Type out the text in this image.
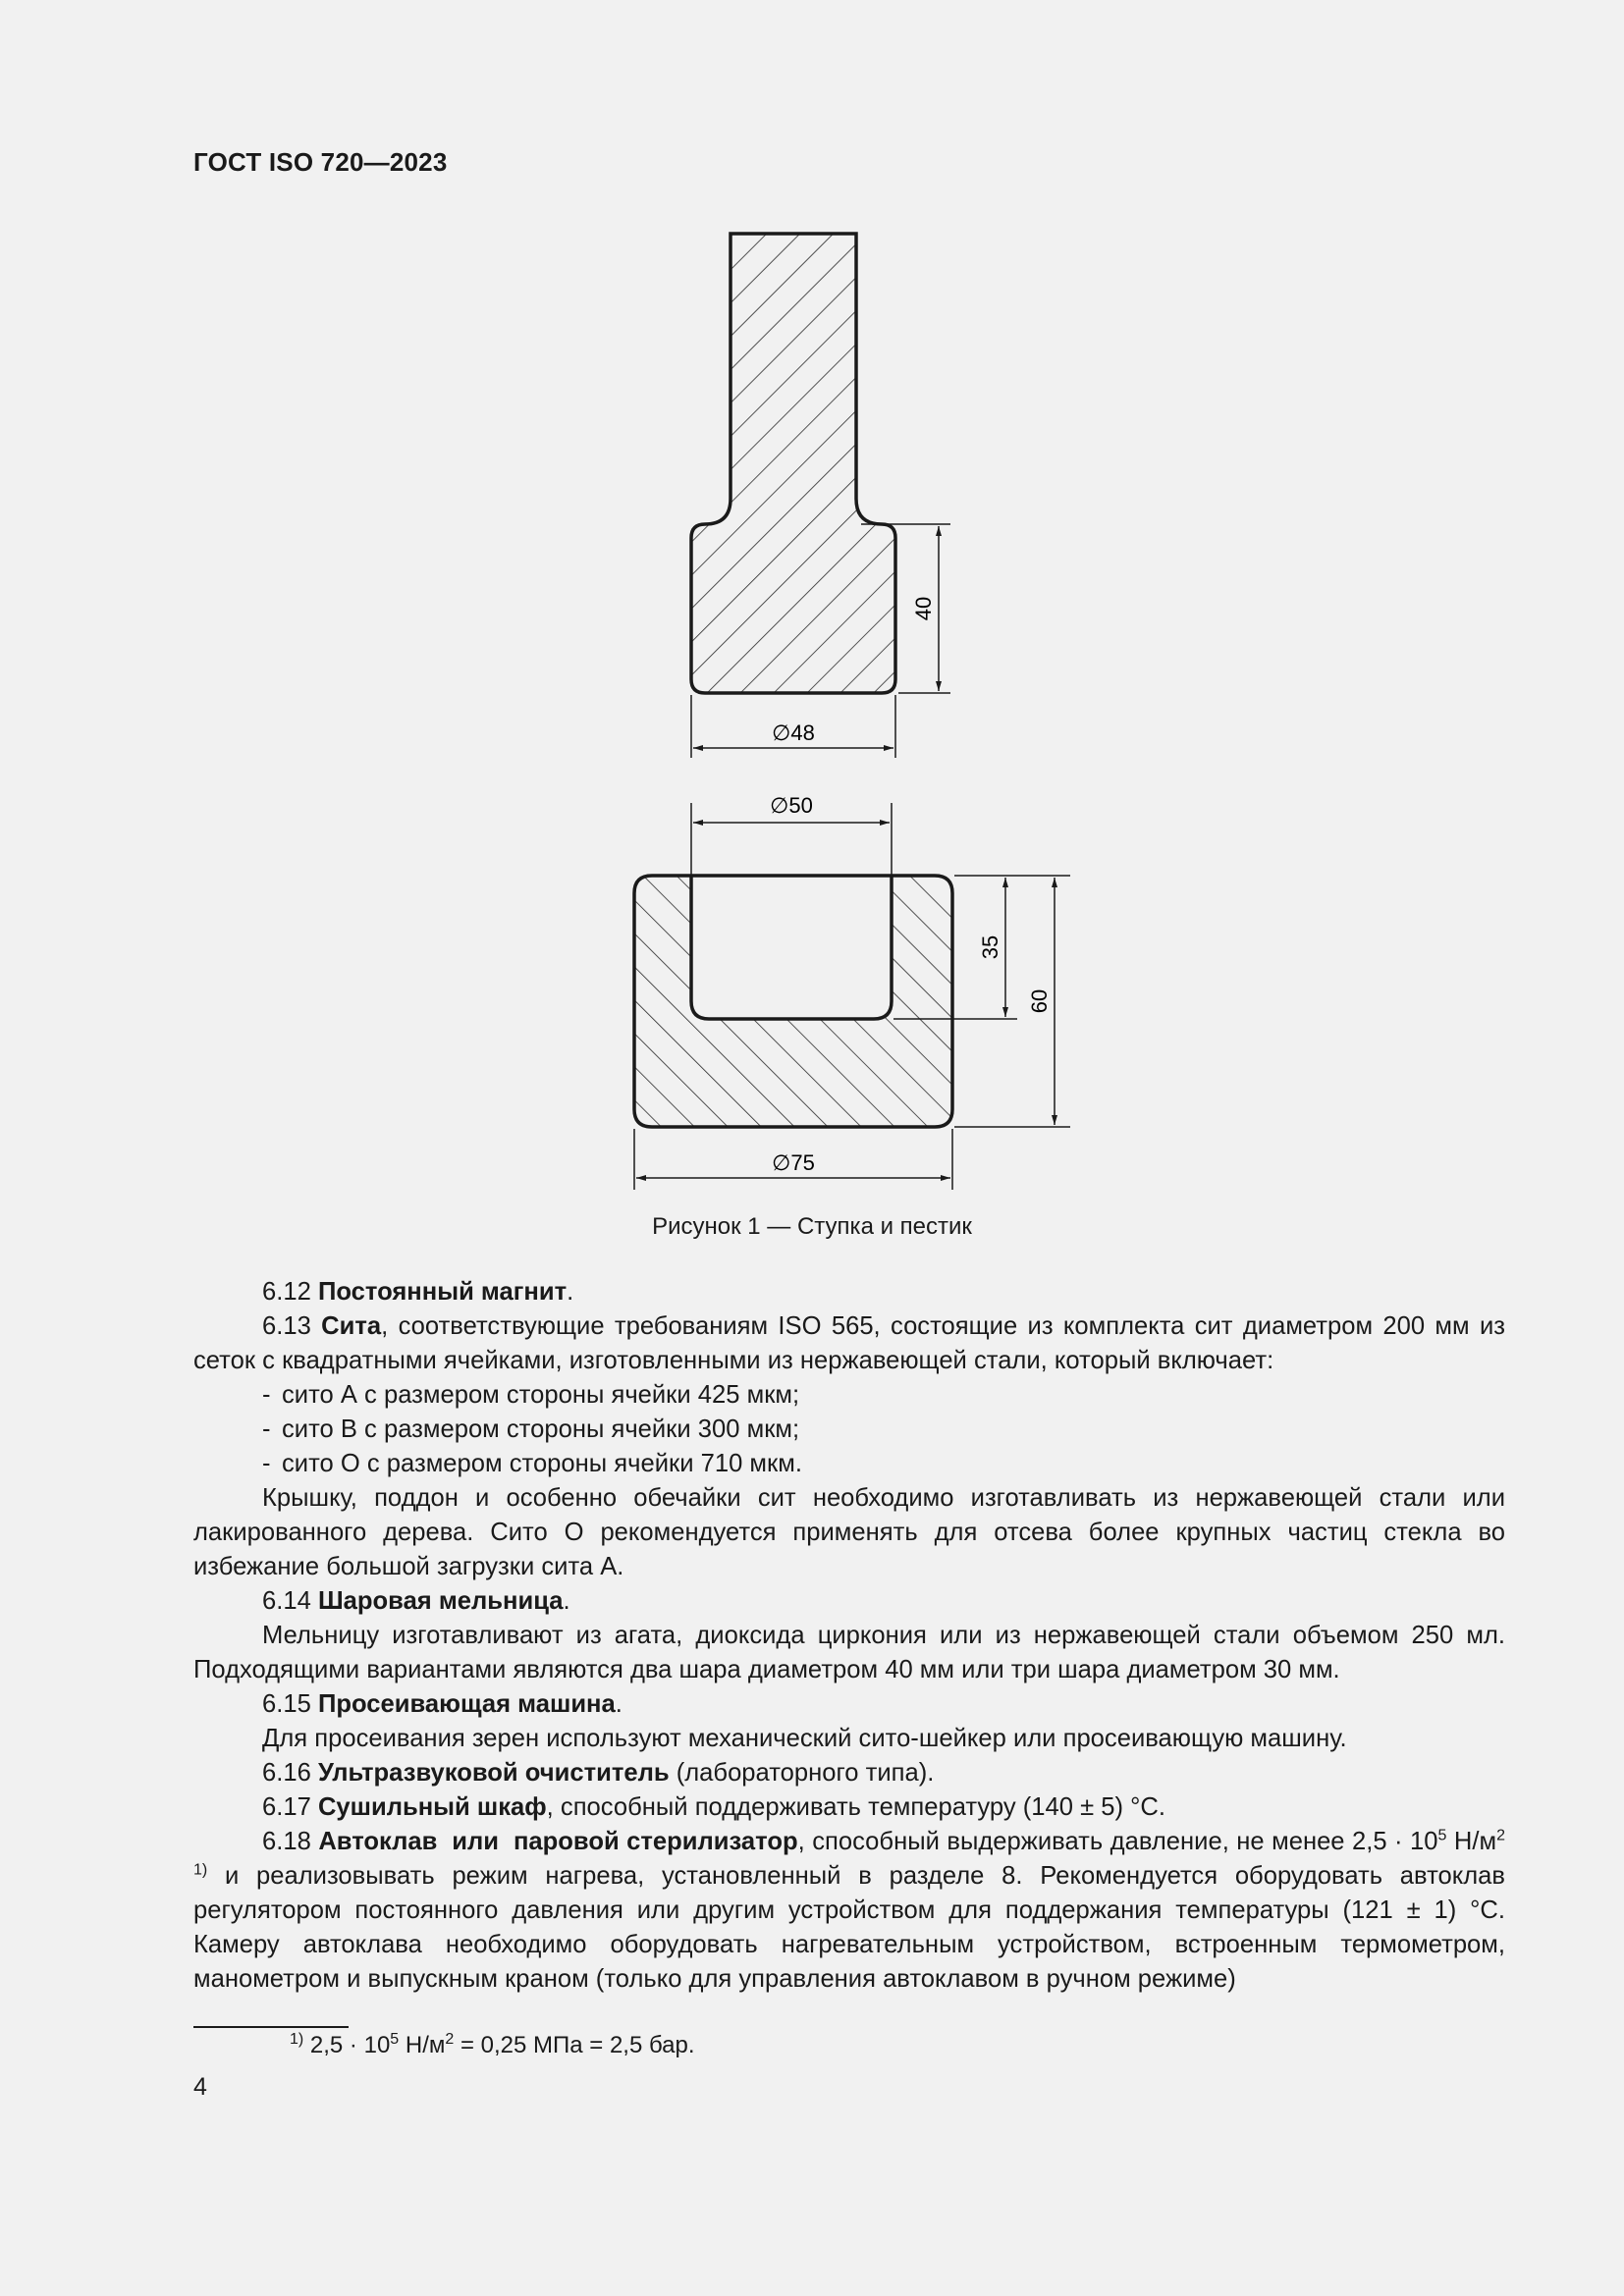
ГОСТ ISO 720—2023
40
∅48
∅50
35
60
∅75
Рисунок 1 — Ступка и пестик

6.12 Постоянный магнит.

6.13 Сита, соответствующие требованиям ISO 565, состоящие из комплекта сит диаметром 200 мм из сеток с квадратными ячейками, изготовленными из нержавеющей стали, который включает:

- сито А с размером стороны ячейки 425 мкм;

- сито В с размером стороны ячейки 300 мкм;

- сито О с размером стороны ячейки 710 мкм.

Крышку, поддон и особенно обечайки сит необходимо изготавливать из нержавеющей стали или лакированного дерева. Сито О рекомендуется применять для отсева более крупных частиц стекла во избежание большой загрузки сита А.

6.14 Шаровая мельница.

Мельницу изготавливают из агата, диоксида циркония или из нержавеющей стали объемом 250 мл. Подходящими вариантами являются два шара диаметром 40 мм или три шара диаметром 30 мм.

6.15 Просеивающая машина.

Для просеивания зерен используют механический сито-шейкер или просеивающую машину.

6.16 Ультразвуковой очиститель (лабораторного типа).

6.17 Сушильный шкаф, способный поддерживать температуру (140 ± 5) °С.

6.18 Автоклав  или  паровой стерилизатор, способный выдерживать давление, не менее $2,5 \cdot 10^5$ $Н/м^{2 1)}$ и реализовывать режим нагрева, установленный в разделе 8. Рекомендуется оборудовать автоклав регулятором постоянного давления или другим устройством для поддержания температуры (121 ± 1) °С. Камеру автоклава необходимо оборудовать нагревательным устройством, встроенным термометром, манометром и выпускным краном (только для управления автоклавом в ручном режиме)

$^{1)}$ $2,5 \cdot 10^5$ $Н/м^2 = 0,25$ МПа = 2,5 бар.
4
